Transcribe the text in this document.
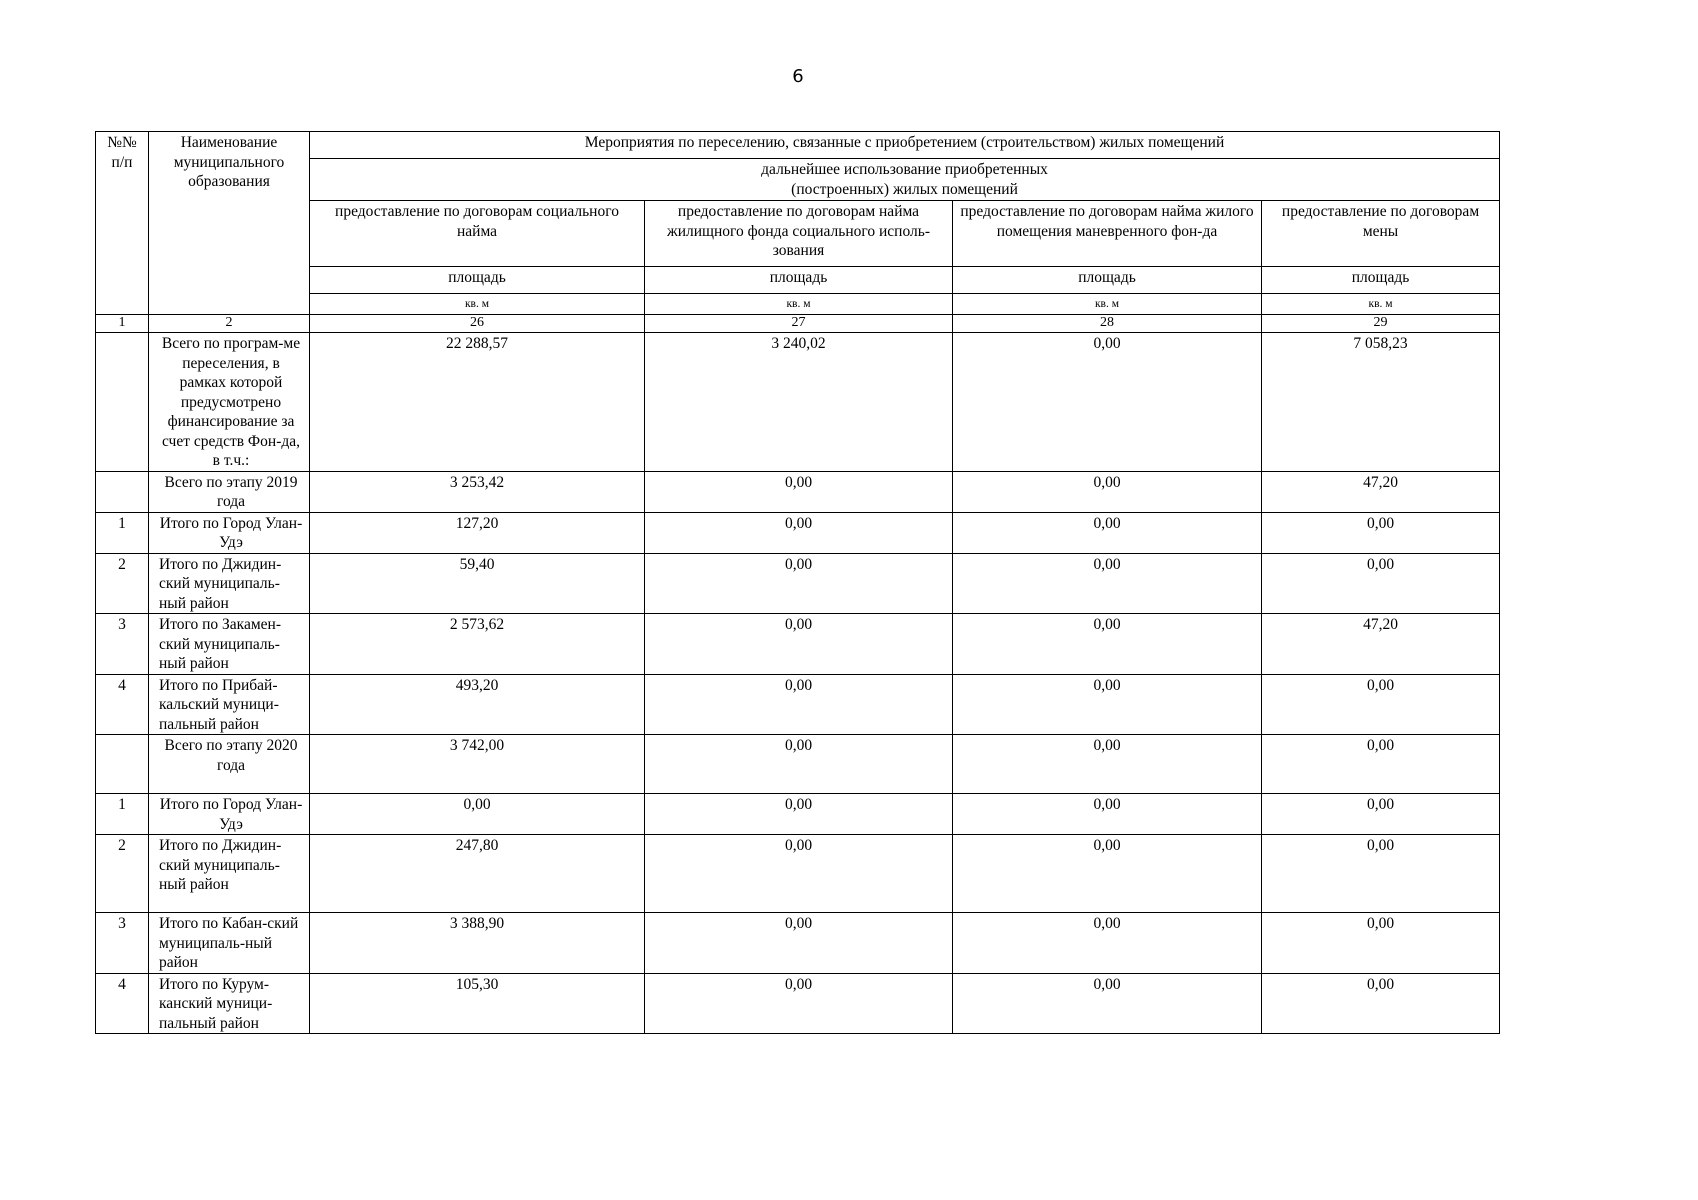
6
№№ п/п	Наименование муниципального образования	Мероприятия по переселению, связанные с приобретением (строительством) жилых помещений			

		дальнейшее использование приобретенных
(построенных) жилых помещений			

		предоставление по договорам социального найма	предоставление по договорам найма жилищного фонда социального исполь-зования	предоставление по договорам найма жилого помещения маневренного фон-да	предоставление по договорам мены
		площадь	площадь	площадь	площадь
		кв. м	кв. м	кв. м	кв. м
1	2	26	27	28	29
	Всего по програм-ме переселения, в рамках которой предусмотрено финансирование за счет средств Фон-да, в т.ч.:	22 288,57	3 240,02	0,00	7 058,23
	Всего по этапу 2019 года	3 253,42	0,00	0,00	47,20
1	Итого по Город Улан-Удэ	127,20	0,00	0,00	0,00
2	Итого по Джидин-ский муниципаль-ный район	59,40	0,00	0,00	0,00
3	Итого по Закамен-ский муниципаль-ный район	2 573,62	0,00	0,00	47,20
4	Итого по Прибай-кальский муници-пальный район	493,20	0,00	0,00	0,00
	Всего по этапу 2020 года	3 742,00	0,00	0,00	0,00
1	Итого по Город Улан-Удэ	0,00	0,00	0,00	0,00
2	Итого по Джидин-ский муниципаль-ный район	247,80	0,00	0,00	0,00
3	Итого по Кабан-ский муниципаль-ный район	3 388,90	0,00	0,00	0,00
4	Итого по Курум-канский муници-пальный район	105,30	0,00	0,00	0,00
